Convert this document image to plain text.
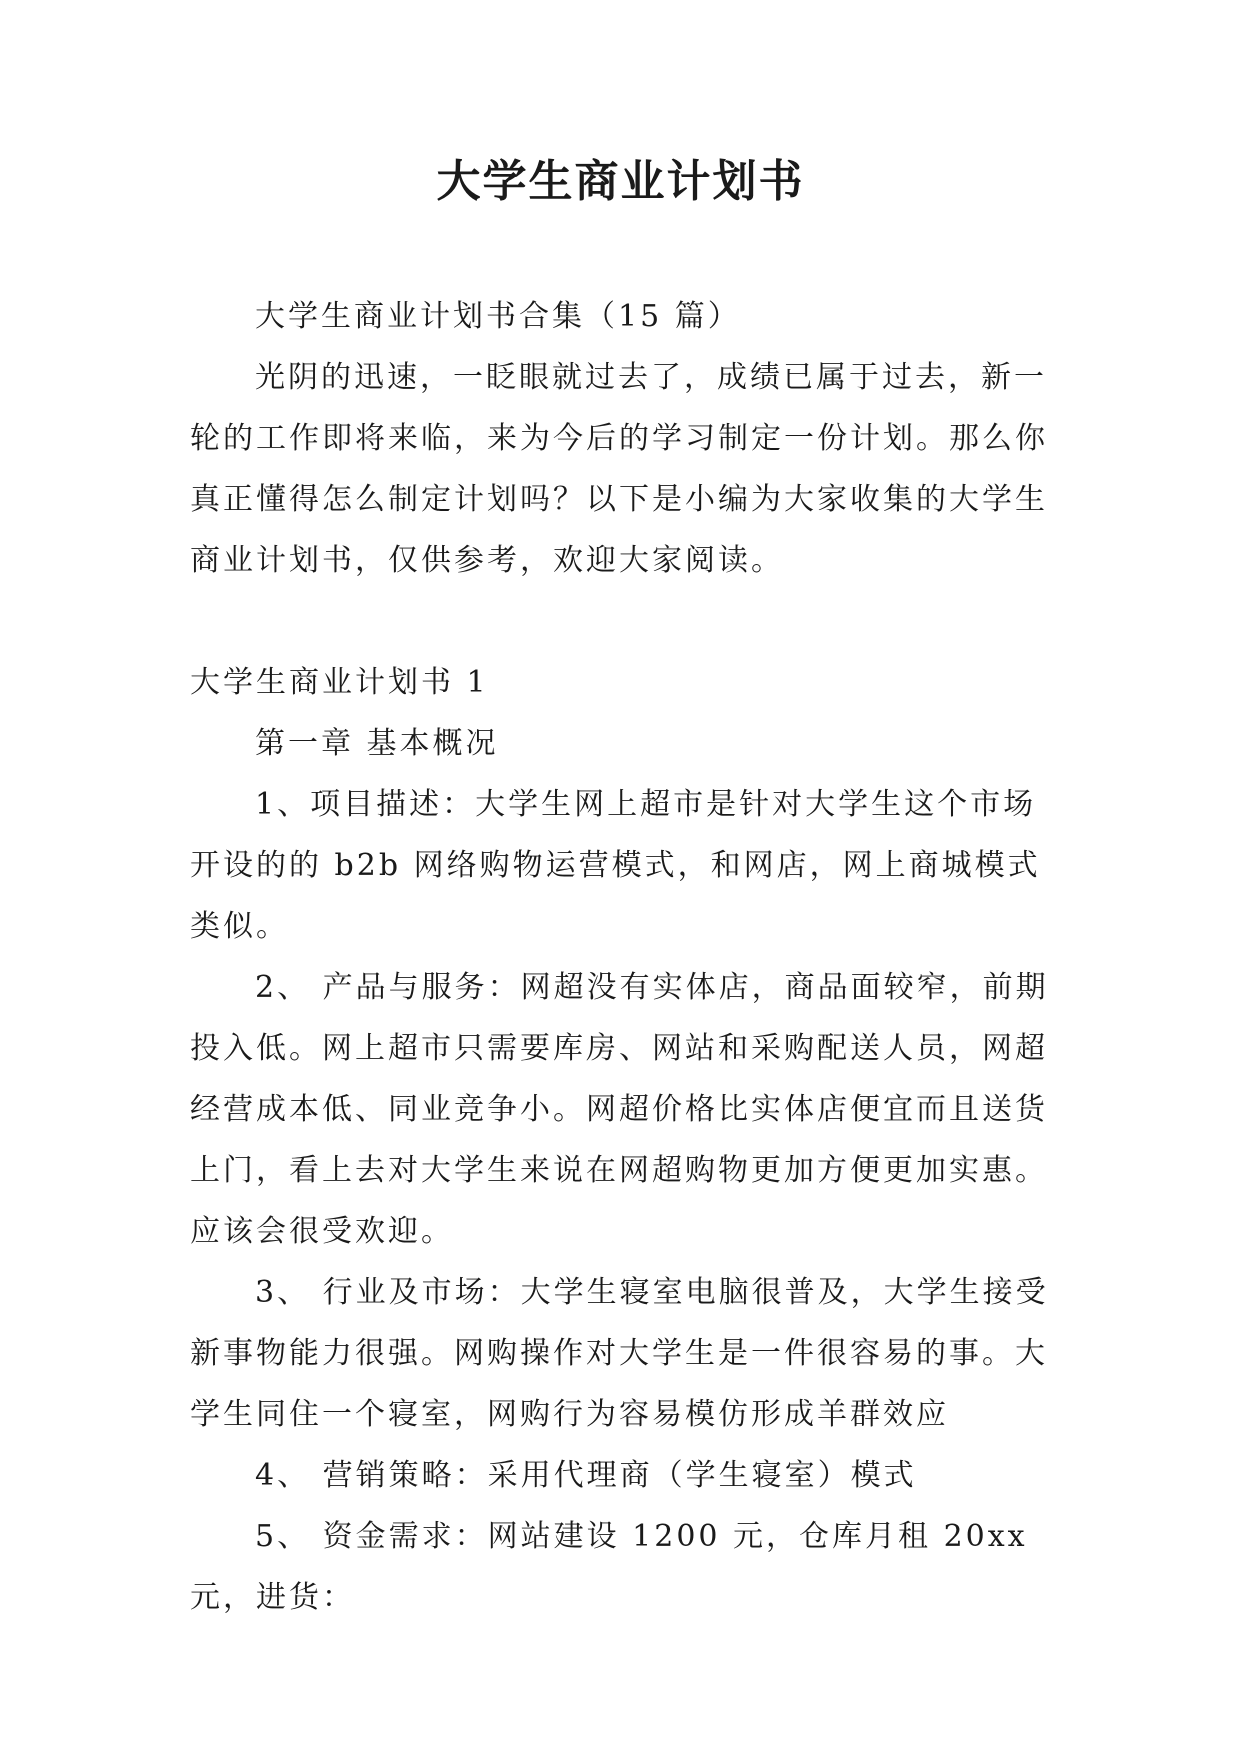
大学生商业计划书

大学生商业计划书合集（15 篇）

光阴的迅速，一眨眼就过去了，成绩已属于过去，新一轮的工作即将来临，来为今后的学习制定一份计划。那么你真正懂得怎么制定计划吗？以下是小编为大家收集的大学生商业计划书，仅供参考，欢迎大家阅读。

大学生商业计划书 1

第一章 基本概况

1、项目描述：大学生网上超市是针对大学生这个市场开设的的 b2b 网络购物运营模式，和网店，网上商城模式类似。

2、 产品与服务：网超没有实体店，商品面较窄，前期投入低。网上超市只需要库房、网站和采购配送人员，网超经营成本低、同业竞争小。网超价格比实体店便宜而且送货上门，看上去对大学生来说在网超购物更加方便更加实惠。应该会很受欢迎。

3、 行业及市场：大学生寝室电脑很普及，大学生接受新事物能力很强。网购操作对大学生是一件很容易的事。大学生同住一个寝室，网购行为容易模仿形成羊群效应

4、 营销策略：采用代理商（学生寝室）模式

5、 资金需求：网站建设 1200 元，仓库月租 20xx 元，进货：
